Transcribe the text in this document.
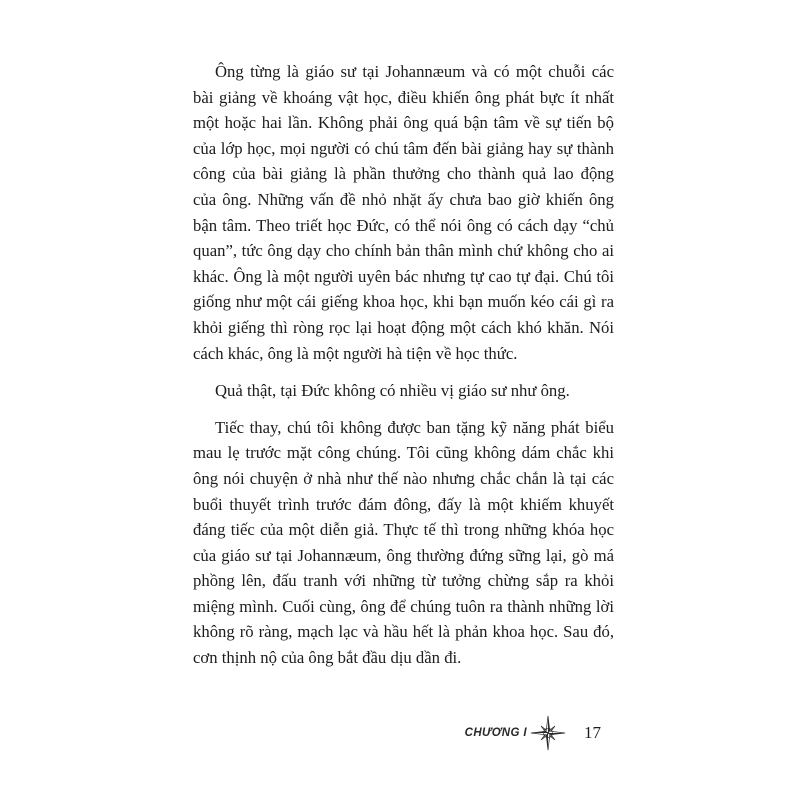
Ông từng là giáo sư tại Johannæum và có một chuỗi các
bài giảng về khoáng vật học, điều khiến ông phát bực ít nhất
một hoặc hai lần. Không phải ông quá bận tâm về sự tiến bộ
của lớp học, mọi người có chú tâm đến bài giảng hay sự thành
công của bài giảng là phần thưởng cho thành quả lao động
của ông. Những vấn đề nhỏ nhặt ấy chưa bao giờ khiến ông
bận tâm. Theo triết học Đức, có thể nói ông có cách dạy “chủ
quan”, tức ông dạy cho chính bản thân mình chứ không cho ai
khác. Ông là một người uyên bác nhưng tự cao tự đại. Chú tôi
giống như một cái giếng khoa học, khi bạn muốn kéo cái gì ra
khỏi giếng thì ròng rọc lại hoạt động một cách khó khăn. Nói
cách khác, ông là một người hà tiện về học thức.
Quả thật, tại Đức không có nhiều vị giáo sư như ông.
Tiếc thay, chú tôi không được ban tặng kỹ năng phát biểu
mau lẹ trước mặt công chúng. Tôi cũng không dám chắc khi
ông nói chuyện ở nhà như thế nào nhưng chắc chắn là tại các
buổi thuyết trình trước đám đông, đấy là một khiếm khuyết
đáng tiếc của một diễn giả. Thực tế thì trong những khóa học
của giáo sư tại Johannæum, ông thường đứng sững lại, gò má
phồng lên, đấu tranh với những từ tưởng chừng sắp ra khỏi
miệng mình. Cuối cùng, ông để chúng tuôn ra thành những lời
không rõ ràng, mạch lạc và hầu hết là phản khoa học. Sau đó,
cơn thịnh nộ của ông bắt đầu dịu dần đi.
CHƯƠNG I	17
